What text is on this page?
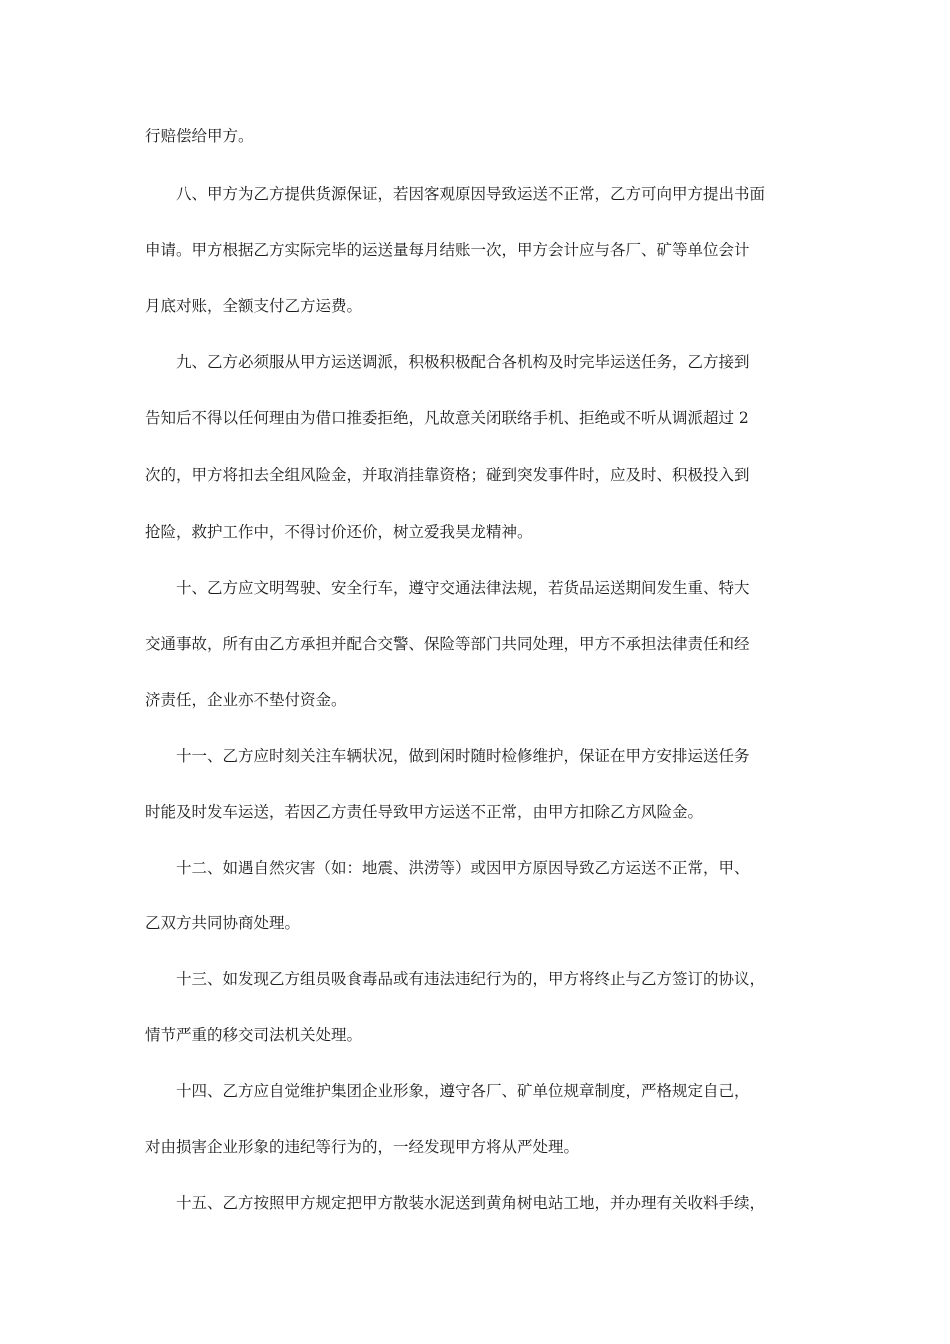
行赔偿给甲方。
八、甲方为乙方提供货源保证，若因客观原因导致运送不正常，乙方可向甲方提出书面
申请。甲方根据乙方实际完毕的运送量每月结账一次，甲方会计应与各厂、矿等单位会计
月底对账，全额支付乙方运费。
九、乙方必须服从甲方运送调派，积极积极配合各机构及时完毕运送任务，乙方接到
告知后不得以任何理由为借口推委拒绝，凡故意关闭联络手机、拒绝或不听从调派超过 2
次的，甲方将扣去全组风险金，并取消挂靠资格；碰到突发事件时，应及时、积极投入到
抢险，救护工作中，不得讨价还价，树立爱我昊龙精神。
十、乙方应文明驾驶、安全行车，遵守交通法律法规，若货品运送期间发生重、特大
交通事故，所有由乙方承担并配合交警、保险等部门共同处理，甲方不承担法律责任和经
济责任，企业亦不垫付资金。
十一、乙方应时刻关注车辆状况，做到闲时随时检修维护，保证在甲方安排运送任务
时能及时发车运送，若因乙方责任导致甲方运送不正常，由甲方扣除乙方风险金。
十二、如遇自然灾害（如：地震、洪涝等）或因甲方原因导致乙方运送不正常，甲、
乙双方共同协商处理。
十三、如发现乙方组员吸食毒品或有违法违纪行为的，甲方将终止与乙方签订的协议，
情节严重的移交司法机关处理。
十四、乙方应自觉维护集团企业形象，遵守各厂、矿单位规章制度，严格规定自己，
对由损害企业形象的违纪等行为的，一经发现甲方将从严处理。
十五、乙方按照甲方规定把甲方散装水泥送到黄角树电站工地，并办理有关收料手续，
